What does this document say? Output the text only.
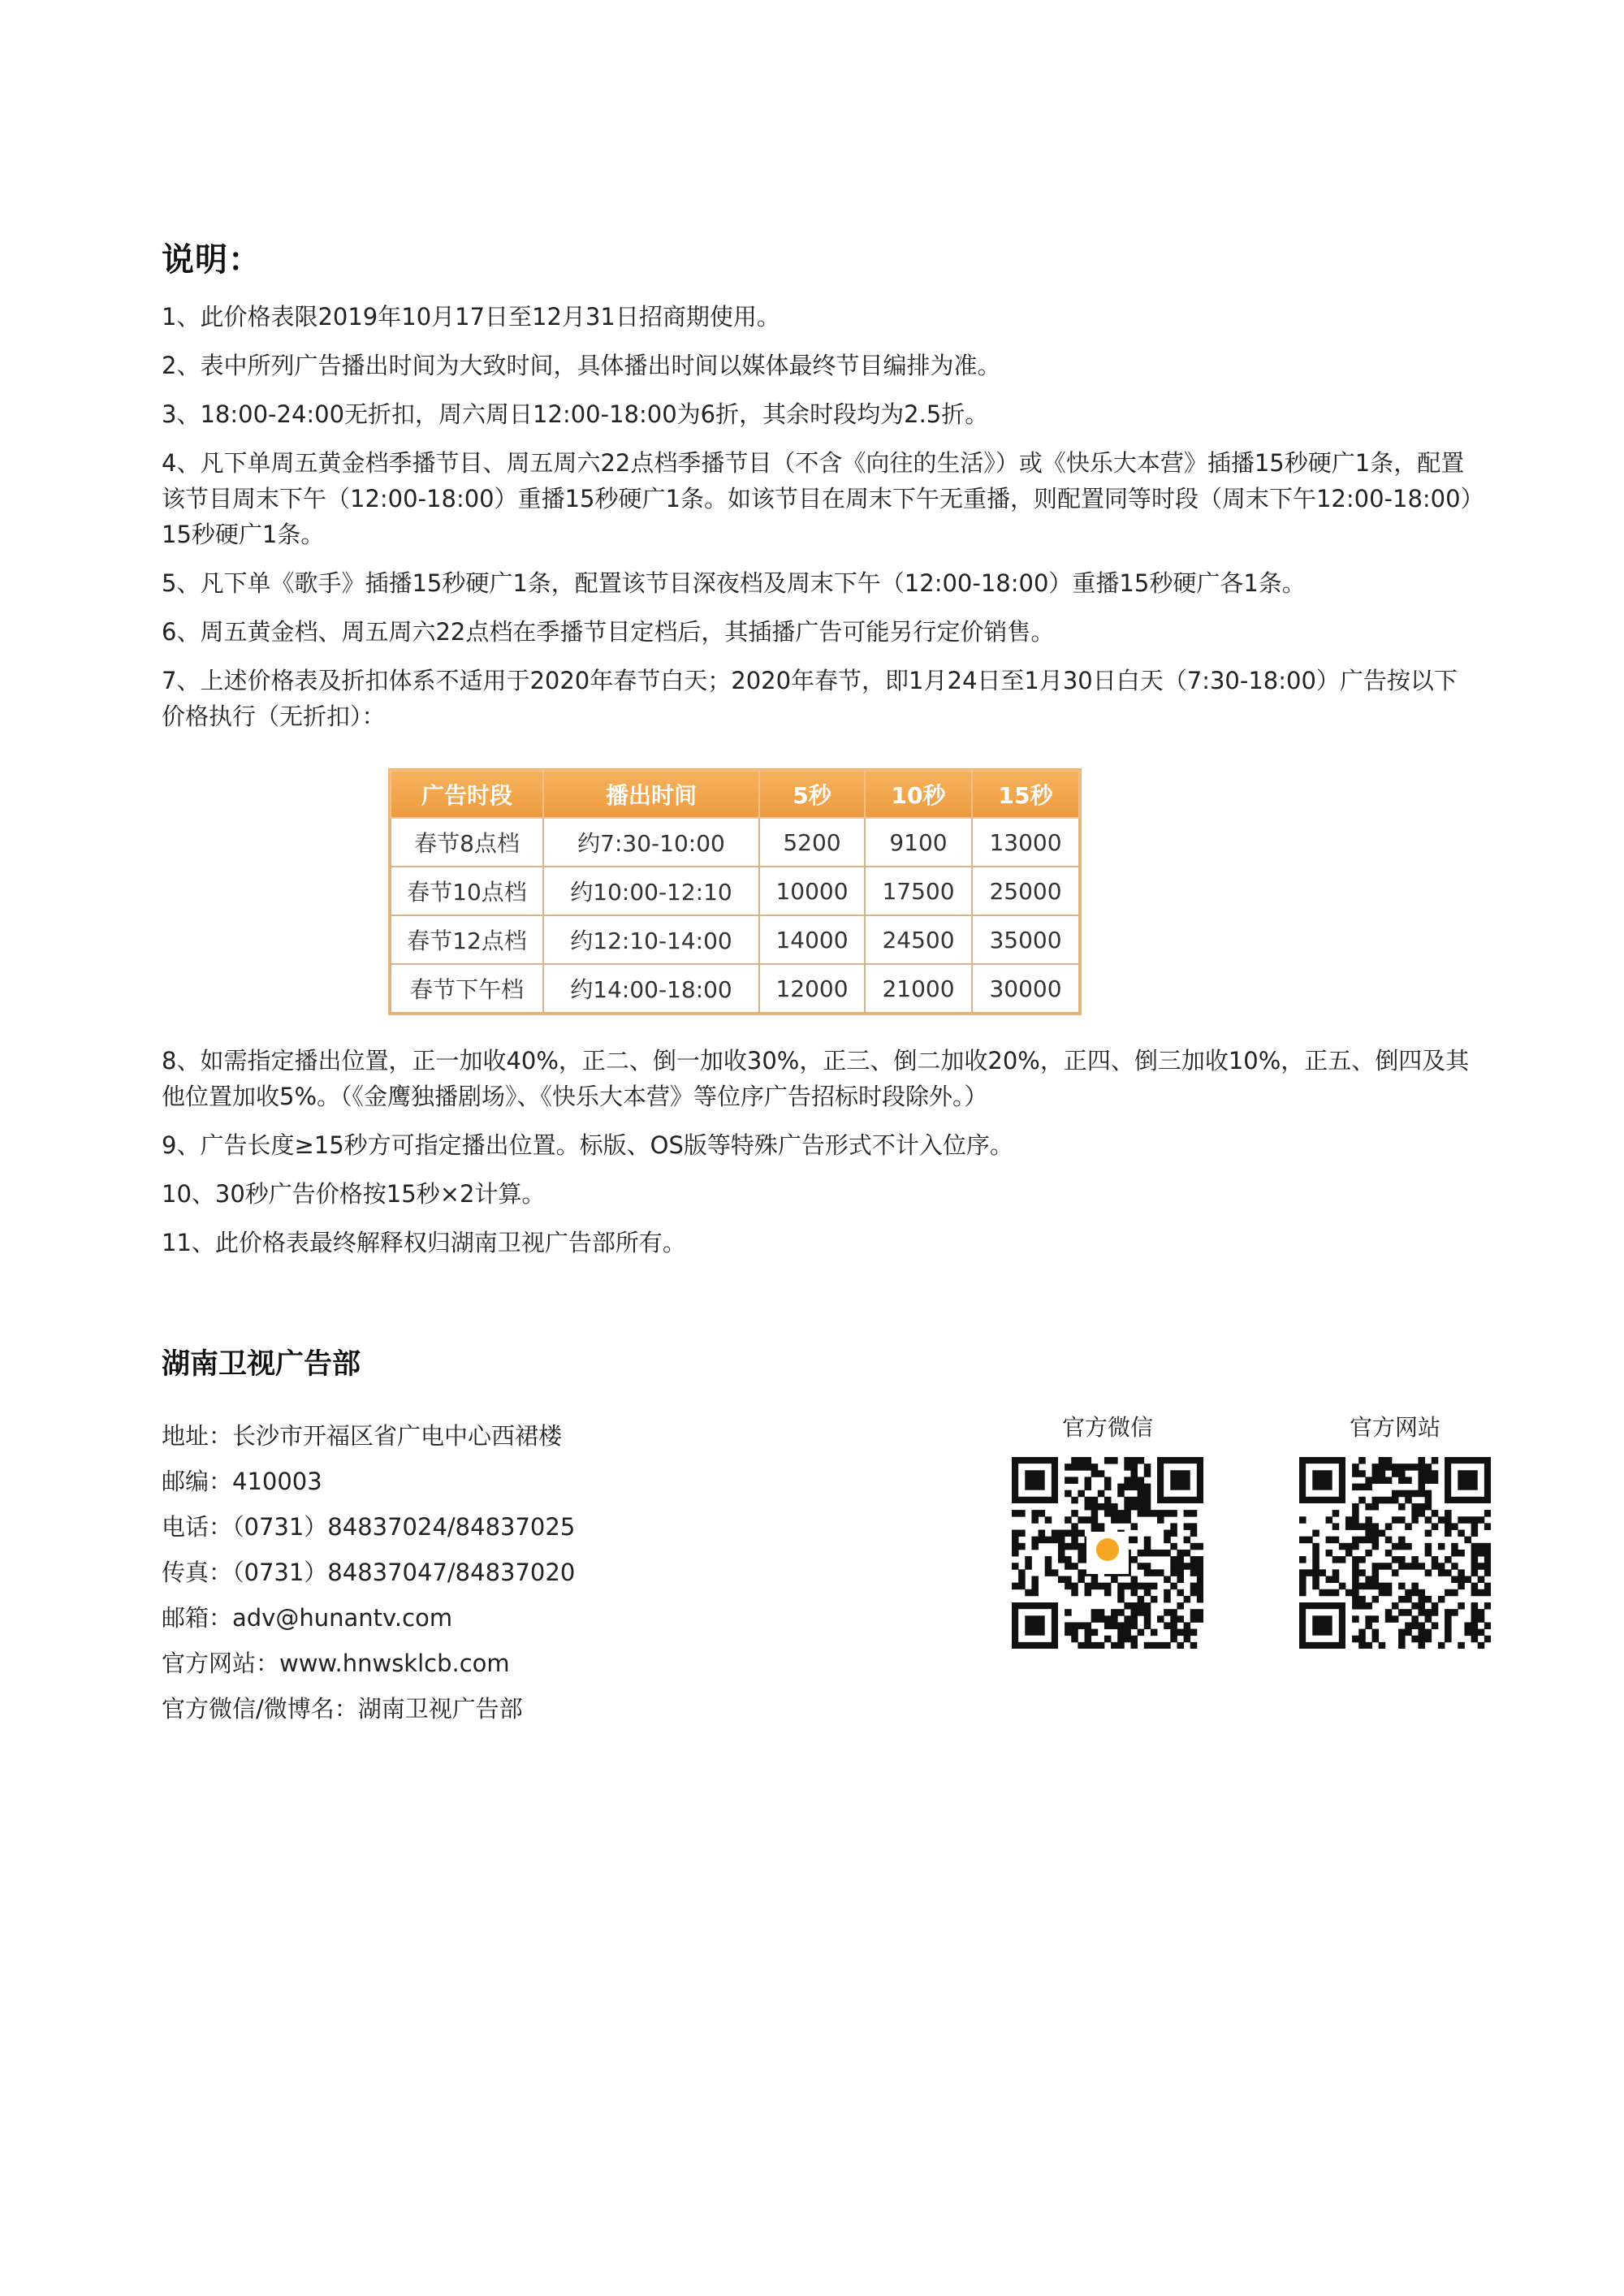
说明：

1、此价格表限2019年10月17日至12月31日招商期使用。

2、表中所列广告播出时间为大致时间，具体播出时间以媒体最终节目编排为准。

3、18:00-24:00无折扣，周六周日12:00-18:00为6折，其余时段均为2.5折。

4、凡下单周五黄金档季播节目、周五周六22点档季播节目（不含《向往的生活》）或《快乐大本营》插播15秒硬广1条，配置该节目周末下午（12:00-18:00）重播15秒硬广1条。如该节目在周末下午无重播，则配置同等时段（周末下午12:00-18:00）15秒硬广1条。

5、凡下单《歌手》插播15秒硬广1条，配置该节目深夜档及周末下午（12:00-18:00）重播15秒硬广各1条。

6、周五黄金档、周五周六22点档在季播节目定档后，其插播广告可能另行定价销售。

7、上述价格表及折扣体系不适用于2020年春节白天；2020年春节，即1月24日至1月30日白天（7:30-18:00）广告按以下价格执行（无折扣）：

广告时段	播出时间	5秒	10秒	15秒
春节8点档	约7:30-10:00	5200	9100	13000
春节10点档	约10:00-12:10	10000	17500	25000
春节12点档	约12:10-14:00	14000	24500	35000
春节下午档	约14:00-18:00	12000	21000	30000

8、如需指定播出位置，正一加收40%，正二、倒一加收30%，正三、倒二加收20%，正四、倒三加收10%，正五、倒四及其他位置加收5%。（《金鹰独播剧场》、《快乐大本营》等位序广告招标时段除外。）

9、广告长度≥15秒方可指定播出位置。标版、OS版等特殊广告形式不计入位序。

10、30秒广告价格按15秒×2计算。

11、此价格表最终解释权归湖南卫视广告部所有。

湖南卫视广告部
地址：长沙市开福区省广电中心西裙楼
邮编：410003
电话：（0731）84837024/84837025
传真：（0731）84837047/84837020
邮箱：adv@hunantv.com
官方网站：www.hnwsklcb.com
官方微信/微博名：湖南卫视广告部
官方微信	官方网站
